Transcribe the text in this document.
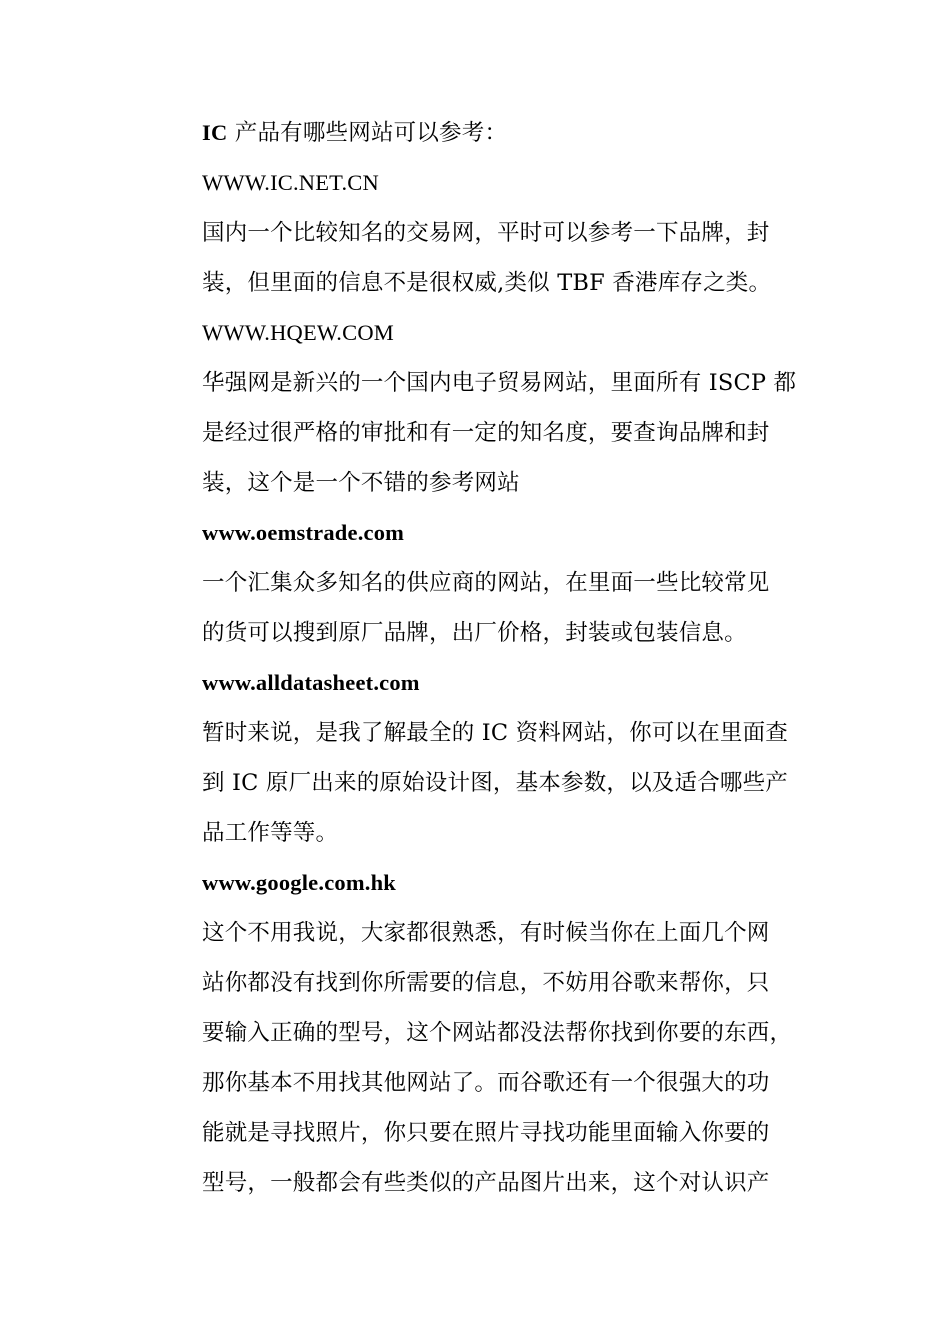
IC 产品有哪些网站可以参考：
WWW.IC.NET.CN
国内一个比较知名的交易网，平时可以参考一下品牌，封
装，但里面的信息不是很权威,类似 TBF 香港库存之类。
WWW.HQEW.COM
华强网是新兴的一个国内电子贸易网站，里面所有 ISCP 都
是经过很严格的审批和有一定的知名度，要查询品牌和封
装，这个是一个不错的参考网站
www.oemstrade.com
一个汇集众多知名的供应商的网站，在里面一些比较常见
的货可以搜到原厂品牌，出厂价格，封装或包装信息。
www.alldatasheet.com
暂时来说，是我了解最全的 IC 资料网站，你可以在里面查
到 IC 原厂出来的原始设计图，基本参数，以及适合哪些产
品工作等等。
www.google.com.hk
这个不用我说，大家都很熟悉，有时候当你在上面几个网
站你都没有找到你所需要的信息，不妨用谷歌来帮你，只
要输入正确的型号，这个网站都没法帮你找到你要的东西，
那你基本不用找其他网站了。而谷歌还有一个很强大的功
能就是寻找照片，你只要在照片寻找功能里面输入你要的
型号，一般都会有些类似的产品图片出来，这个对认识产
